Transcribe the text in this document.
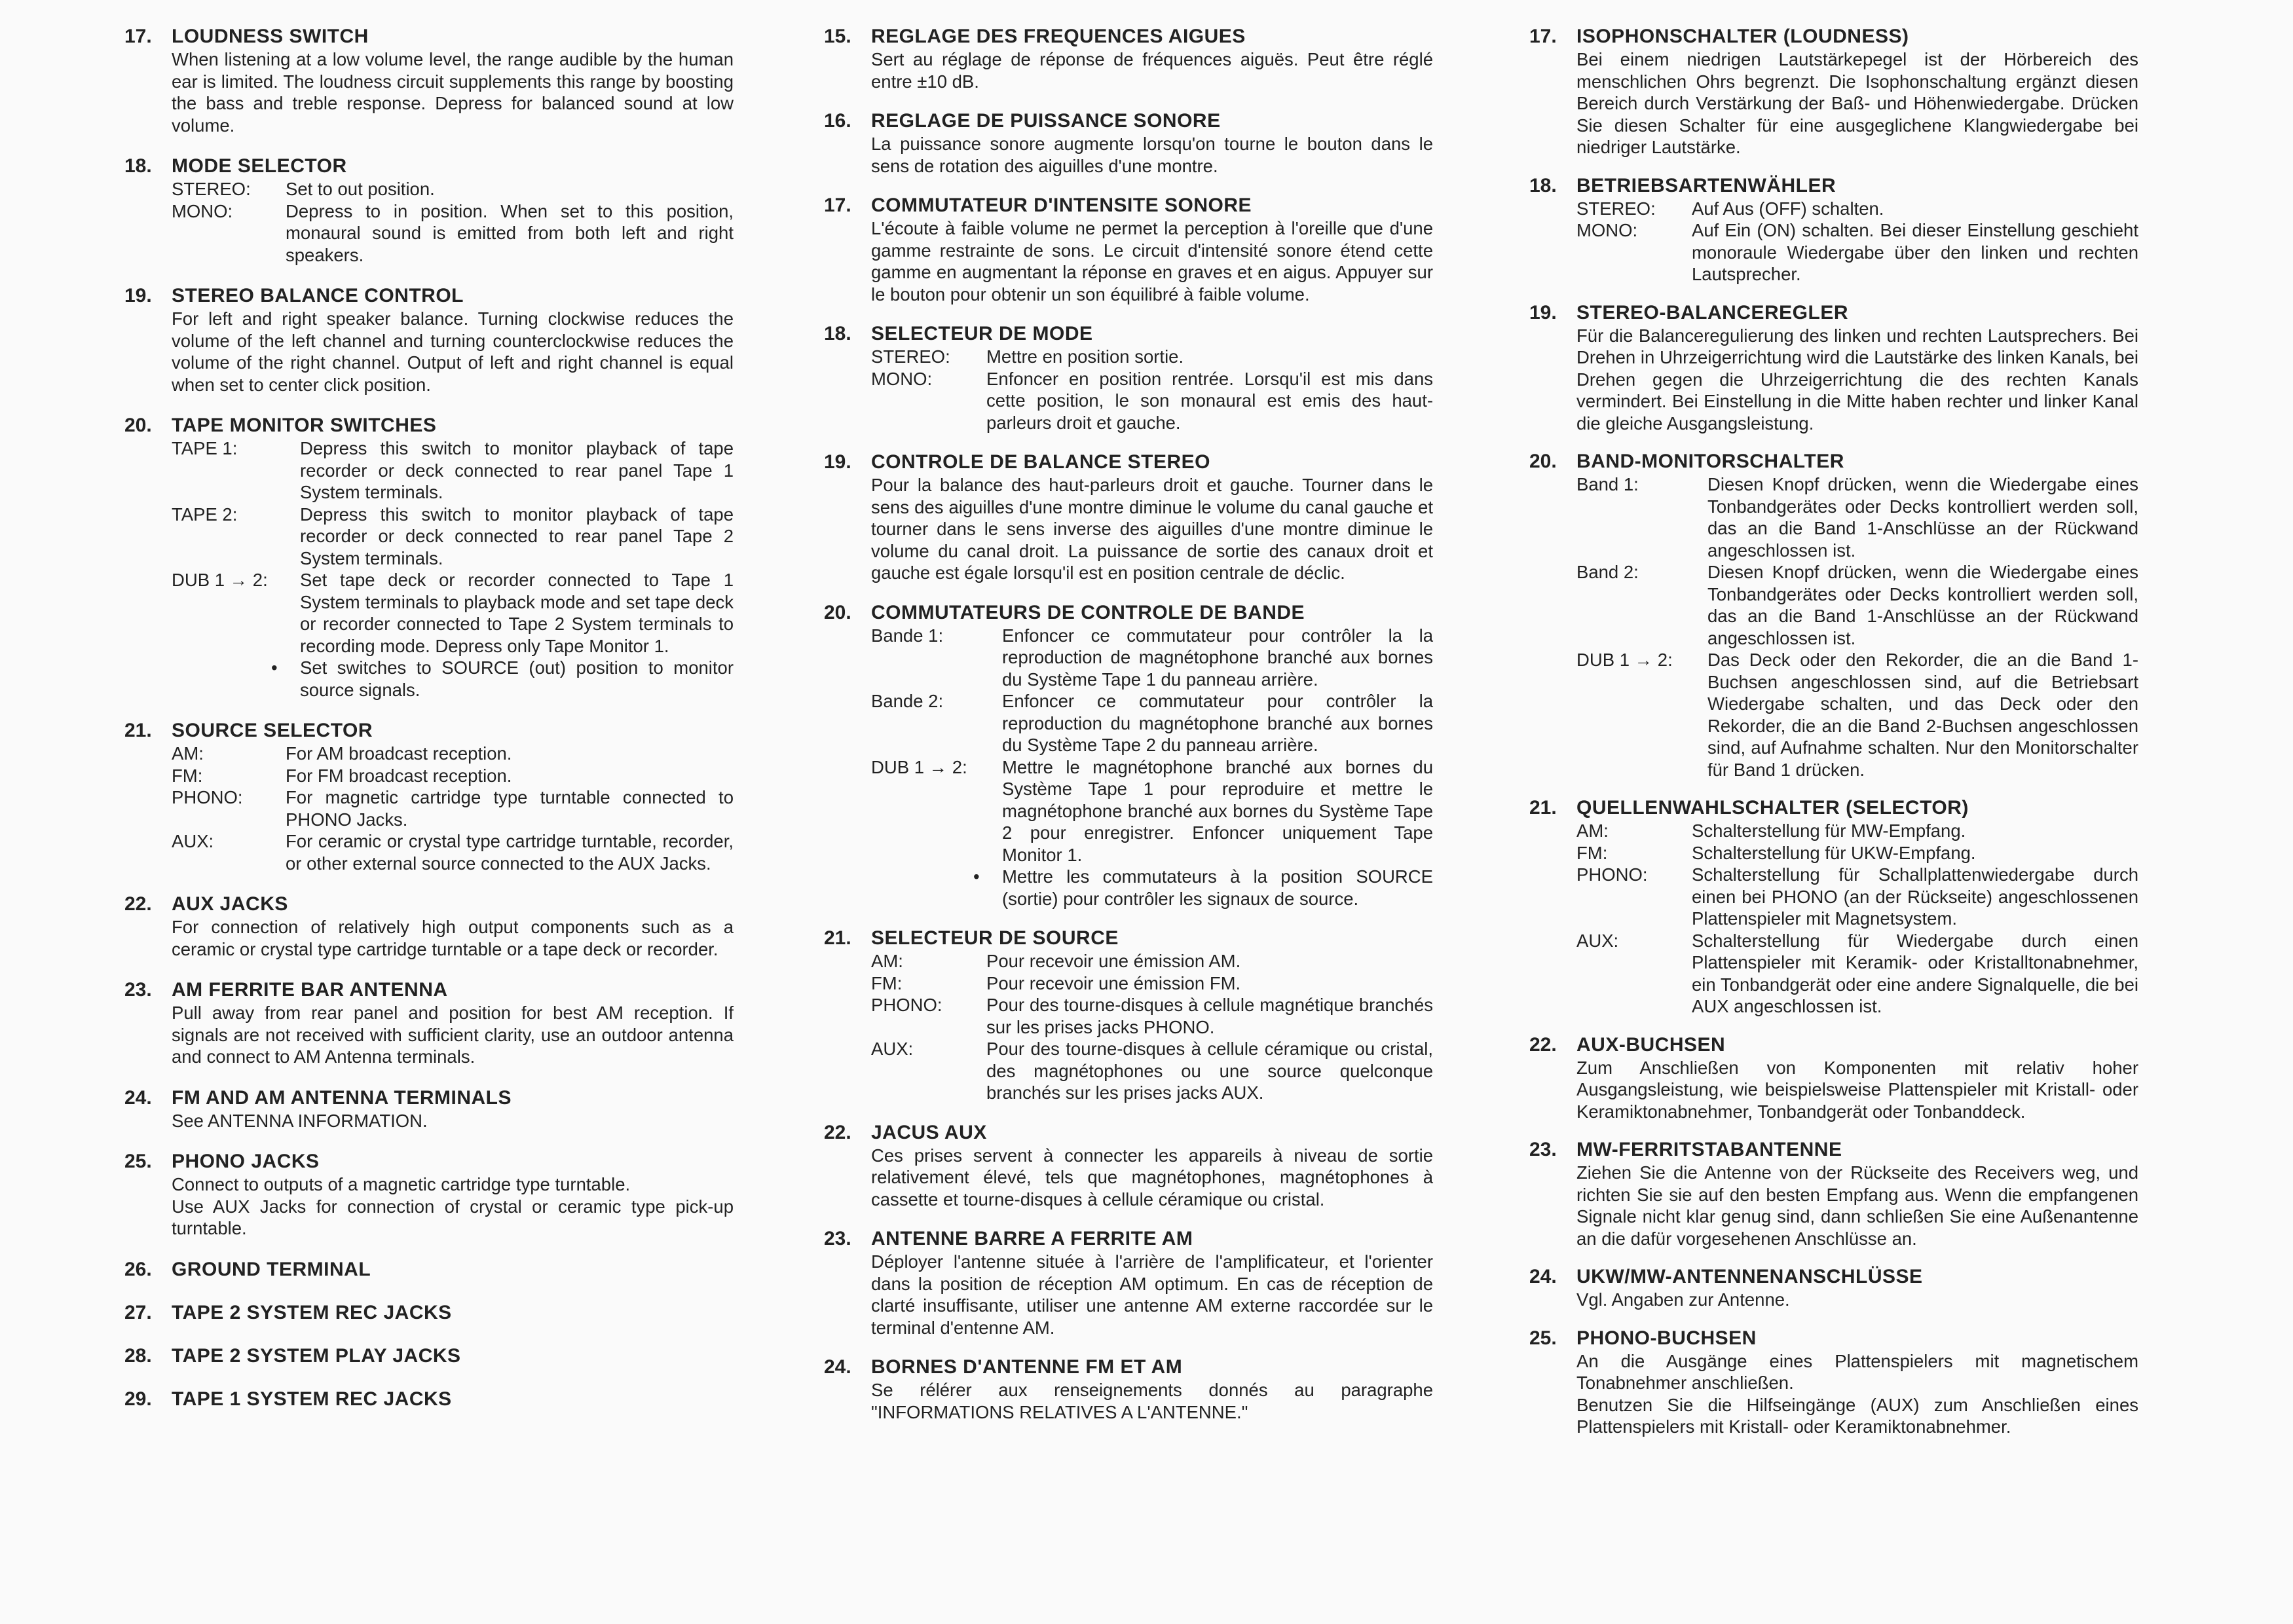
17. LOUDNESS SWITCH
When listening at a low volume level, the range audible by the human ear is limited. The loudness circuit supplements this range by boosting the bass and treble response. Depress for balanced sound at low volume.
18. MODE SELECTOR
STEREO:	Set to out position.
MONO:	Depress to in position. When set to this position, monaural sound is emitted from both left and right speakers.
19. STEREO BALANCE CONTROL
For left and right speaker balance. Turning clockwise reduces the volume of the left channel and turning counterclockwise reduces the volume of the right channel. Output of left and right channel is equal when set to center click position.
20. TAPE MONITOR SWITCHES
TAPE 1:	Depress this switch to monitor playback of tape recorder or deck connected to rear panel Tape 1 System terminals.
TAPE 2:	Depress this switch to monitor playback of tape recorder or deck connected to rear panel Tape 2 System terminals.
DUB 1 → 2:	Set tape deck or recorder connected to Tape 1 System terminals to playback mode and set tape deck or recorder connected to Tape 2 System terminals to recording mode. Depress only Tape Monitor 1.
• Set switches to SOURCE (out) position to monitor source signals.
21. SOURCE SELECTOR
AM:	For AM broadcast reception.
FM:	For FM broadcast reception.
PHONO:	For magnetic cartridge type turntable connected to PHONO Jacks.
AUX:	For ceramic or crystal type cartridge turntable, recorder, or other external source connected to the AUX Jacks.
22. AUX JACKS
For connection of relatively high output components such as a ceramic or crystal type cartridge turntable or a tape deck or recorder.
23. AM FERRITE BAR ANTENNA
Pull away from rear panel and position for best AM reception. If signals are not received with sufficient clarity, use an outdoor antenna and connect to AM Antenna terminals.
24. FM AND AM ANTENNA TERMINALS
See ANTENNA INFORMATION.
25. PHONO JACKS
Connect to outputs of a magnetic cartridge type turntable.
Use AUX Jacks for connection of crystal or ceramic type pick-up turntable.
26. GROUND TERMINAL
27. TAPE 2 SYSTEM REC JACKS
28. TAPE 2 SYSTEM PLAY JACKS
29. TAPE 1 SYSTEM REC JACKS
15. REGLAGE DES FREQUENCES AIGUES
Sert au réglage de réponse de fréquences aiguës. Peut être réglé entre ±10 dB.
16. REGLAGE DE PUISSANCE SONORE
La puissance sonore augmente lorsqu'on tourne le bouton dans le sens de rotation des aiguilles d'une montre.
17. COMMUTATEUR D'INTENSITE SONORE
L'écoute à faible volume ne permet la perception à l'oreille que d'une gamme restrainte de sons. Le circuit d'intensité sonore étend cette gamme en augmentant la réponse en graves et en aigus. Appuyer sur le bouton pour obtenir un son équilibré à faible volume.
18. SELECTEUR DE MODE
STEREO:	Mettre en position sortie.
MONO:	Enfoncer en position rentrée. Lorsqu'il est mis dans cette position, le son monaural est emis des haut-parleurs droit et gauche.
19. CONTROLE DE BALANCE STEREO
Pour la balance des haut-parleurs droit et gauche. Tourner dans le sens des aiguilles d'une montre diminue le volume du canal gauche et tourner dans le sens inverse des aiguilles d'une montre diminue le volume du canal droit. La puissance de sortie des canaux droit et gauche est égale lorsqu'il est en position centrale de déclic.
20. COMMUTATEURS DE CONTROLE DE BANDE
Bande 1:	Enfoncer ce commutateur pour contrôler la la reproduction de magnétophone branché aux bornes du Système Tape 1 du panneau arrière.
Bande 2:	Enfoncer ce commutateur pour contrôler la reproduction du magnétophone branché aux bornes du Système Tape 2 du panneau arrière.
DUB 1 → 2:	Mettre le magnétophone branché aux bornes du Système Tape 1 pour reproduire et mettre le magnétophone branché aux bornes du Système Tape 2 pour enregistrer. Enfoncer uniquement Tape Monitor 1.
• Mettre les commutateurs à la position SOURCE (sortie) pour contrôler les signaux de source.
21. SELECTEUR DE SOURCE
AM:	Pour recevoir une émission AM.
FM:	Pour recevoir une émission FM.
PHONO:	Pour des tourne-disques à cellule magnétique branchés sur les prises jacks PHONO.
AUX:	Pour des tourne-disques à cellule céramique ou cristal, des magnétophones ou une source quelconque branchés sur les prises jacks AUX.
22. JACUS AUX
Ces prises servent à connecter les appareils à niveau de sortie relativement élevé, tels que magnétophones, magnétophones à cassette et tourne-disques à cellule céramique ou cristal.
23. ANTENNE BARRE A FERRITE AM
Déployer l'antenne située à l'arrière de l'amplificateur, et l'orienter dans la position de réception AM optimum. En cas de réception de clarté insuffisante, utiliser une antenne AM externe raccordée sur le terminal d'entenne AM.
24. BORNES D'ANTENNE FM ET AM
Se rélérer aux renseignements donnés au paragraphe "INFORMATIONS RELATIVES A L'ANTENNE."
17. ISOPHONSCHALTER (LOUDNESS)
Bei einem niedrigen Lautstärkepegel ist der Hörbereich des menschlichen Ohrs begrenzt. Die Isophonschaltung ergänzt diesen Bereich durch Verstärkung der Baß- und Höhenwiedergabe. Drücken Sie diesen Schalter für eine ausgeglichene Klangwiedergabe bei niedriger Lautstärke.
18. BETRIEBSARTENWÄHLER
STEREO:	Auf Aus (OFF) schalten.
MONO:	Auf Ein (ON) schalten. Bei dieser Einstellung geschieht monoraule Wiedergabe über den linken und rechten Lautsprecher.
19. STEREO-BALANCEREGLER
Für die Balanceregulierung des linken und rechten Lautsprechers. Bei Drehen in Uhrzeigerrichtung wird die Lautstärke des linken Kanals, bei Drehen gegen die Uhrzeigerrichtung die des rechten Kanals vermindert. Bei Einstellung in die Mitte haben rechter und linker Kanal die gleiche Ausgangsleistung.
20. BAND-MONITORSCHALTER
Band 1:	Diesen Knopf drücken, wenn die Wiedergabe eines Tonbandgerätes oder Decks kontrolliert werden soll, das an die Band 1-Anschlüsse an der Rückwand angeschlossen ist.
Band 2:	Diesen Knopf drücken, wenn die Wiedergabe eines Tonbandgerätes oder Decks kontrolliert werden soll, das an die Band 1-Anschlüsse an der Rückwand angeschlossen ist.
DUB 1 → 2:	Das Deck oder den Rekorder, die an die Band 1-Buchsen angeschlossen sind, auf die Betriebsart Wiedergabe schalten, und das Deck oder den Rekorder, die an die Band 2-Buchsen angeschlossen sind, auf Aufnahme schalten. Nur den Monitorschalter für Band 1 drücken.
21. QUELLENWAHLSCHALTER (SELECTOR)
AM:	Schalterstellung für MW-Empfang.
FM:	Schalterstellung für UKW-Empfang.
PHONO:	Schalterstellung für Schallplattenwiedergabe durch einen bei PHONO (an der Rückseite) angeschlossenen Plattenspieler mit Magnetsystem.
AUX:	Schalterstellung für Wiedergabe durch einen Plattenspieler mit Keramik- oder Kristalltonabnehmer, ein Tonbandgerät oder eine andere Signalquelle, die bei AUX angeschlossen ist.
22. AUX-BUCHSEN
Zum Anschließen von Komponenten mit relativ hoher Ausgangsleistung, wie beispielsweise Plattenspieler mit Kristall- oder Keramiktonabnehmer, Tonbandgerät oder Tonbanddeck.
23. MW-FERRITSTABANTENNE
Ziehen Sie die Antenne von der Rückseite des Receivers weg, und richten Sie sie auf den besten Empfang aus. Wenn die empfangenen Signale nicht klar genug sind, dann schließen Sie eine Außenantenne an die dafür vorgesehenen Anschlüsse an.
24. UKW/MW-ANTENNENANSCHLÜSSE
Vgl. Angaben zur Antenne.
25. PHONO-BUCHSEN
An die Ausgänge eines Plattenspielers mit magnetischem Tonabnehmer anschließen.
Benutzen Sie die Hilfseingänge (AUX) zum Anschließen eines Plattenspielers mit Kristall- oder Keramiktonabnehmer.
